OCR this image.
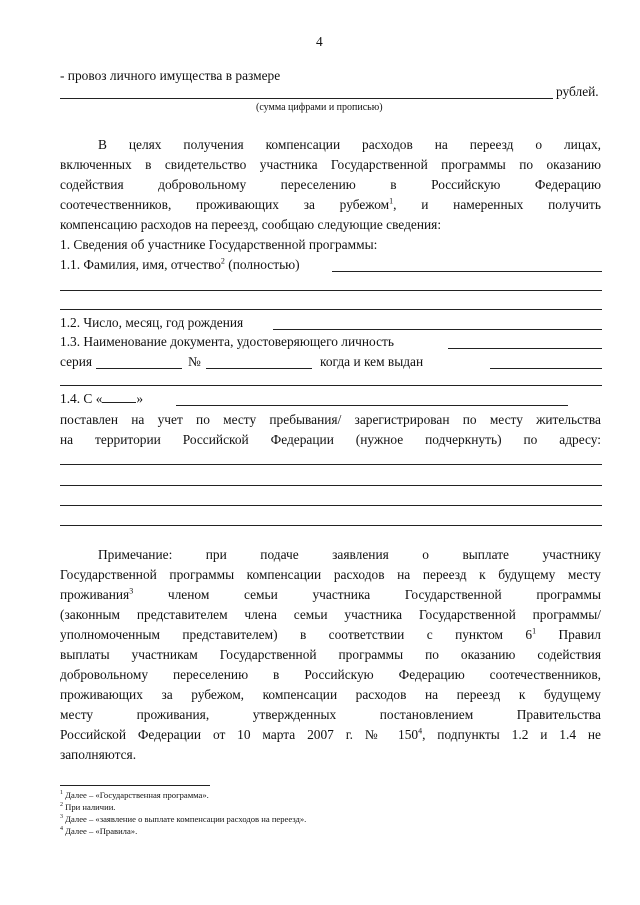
4
- провоз личного имущества в размере
рублей.
(сумма цифрами и прописью)
В целях получения компенсации расходов на переезд о лицах,
включенных в свидетельство участника Государственной программы по оказанию
содействия добровольному переселению в Российскую Федерацию
соотечественников, проживающих за рубежом$^1$, и намеренных получить
компенсацию расходов на переезд, сообщаю следующие сведения:
1. Сведения об участнике Государственной программы:
1.1. Фамилия, имя, отчество$^2$ (полностью)
1.2. Число, месяц, год рождения
1.3. Наименование документа, удостоверяющего личность
серия	№	когда и кем выдан
1.4. С «	»
поставлен на учет по месту пребывания/ зарегистрирован по месту жительства
на территории Российской Федерации (нужное подчеркнуть) по адресу:
Примечание: при подаче заявления о выплате участнику
Государственной программы компенсации расходов на переезд к будущему месту
проживания$^3$ членом семьи участника Государственной программы
(законным представителем члена семьи участника Государственной программы/
уполномоченным представителем) в соответствии с пунктом $6^1$ Правил
выплаты участникам Государственной программы по оказанию содействия
добровольному переселению в Российскую Федерацию соотечественников,
проживающих за рубежом, компенсации расходов на переезд к будущему
месту проживания, утвержденных постановлением Правительства
Российской Федерации от 10 марта 2007 г. № $150^4$, подпункты 1.2 и 1.4 не
заполняются.
$^1$ Далее – «Государственная программа».
$^2$ При наличии.
$^3$ Далее – «заявление о выплате компенсации расходов на переезд».
$^4$ Далее – «Правила».
